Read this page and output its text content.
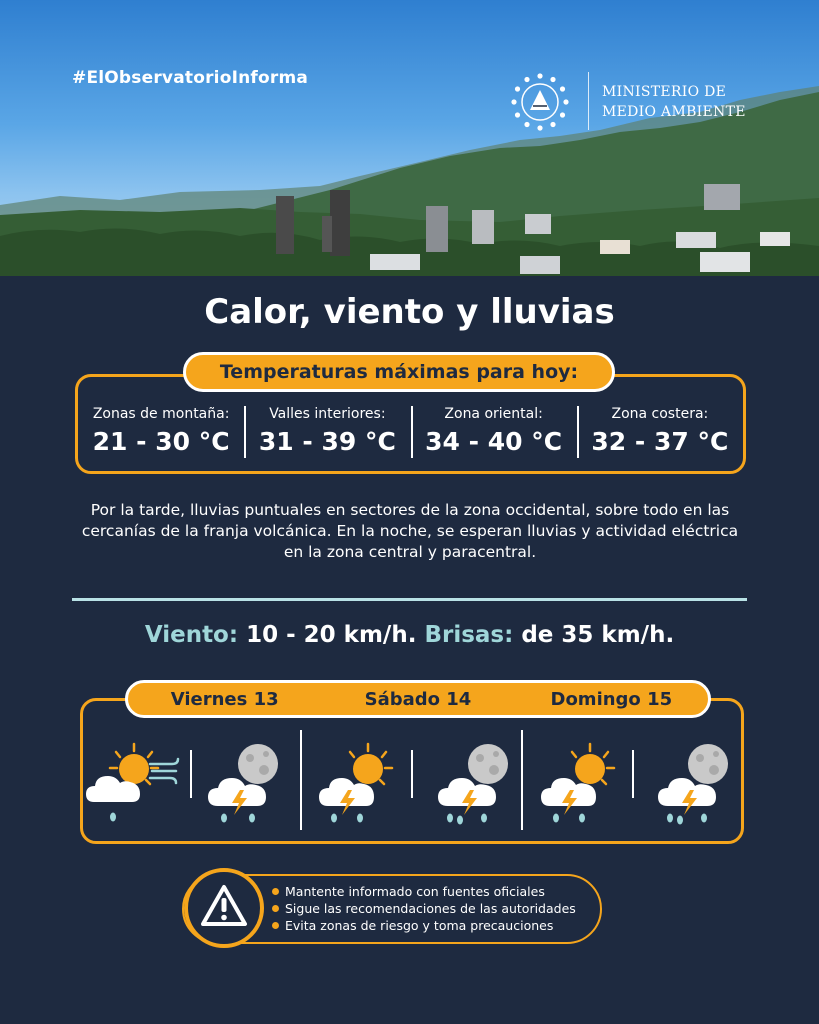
#ElObservatorioInforma
MINISTERIO DE
MEDIO AMBIENTE
Calor, viento y lluvias
Temperaturas máximas para hoy:
Zonas de montaña:
21 - 30 °C
Valles interiores:
31 - 39 °C
Zona oriental:
34 - 40 °C
Zona costera:
32 - 37 °C
Por la tarde, lluvias puntuales en sectores de la zona occidental, sobre todo en las cercanías de la franja volcánica. En la noche, se esperan lluvias y actividad eléctrica en la zona central y paracentral.
Viento: 10 - 20 km/h. Brisas: de 35 km/h.
Viernes 13	Sábado 14	Domingo 15
Mantente informado con fuentes oficiales
Sigue las recomendaciones de las autoridades
Evita zonas de riesgo y toma precauciones
